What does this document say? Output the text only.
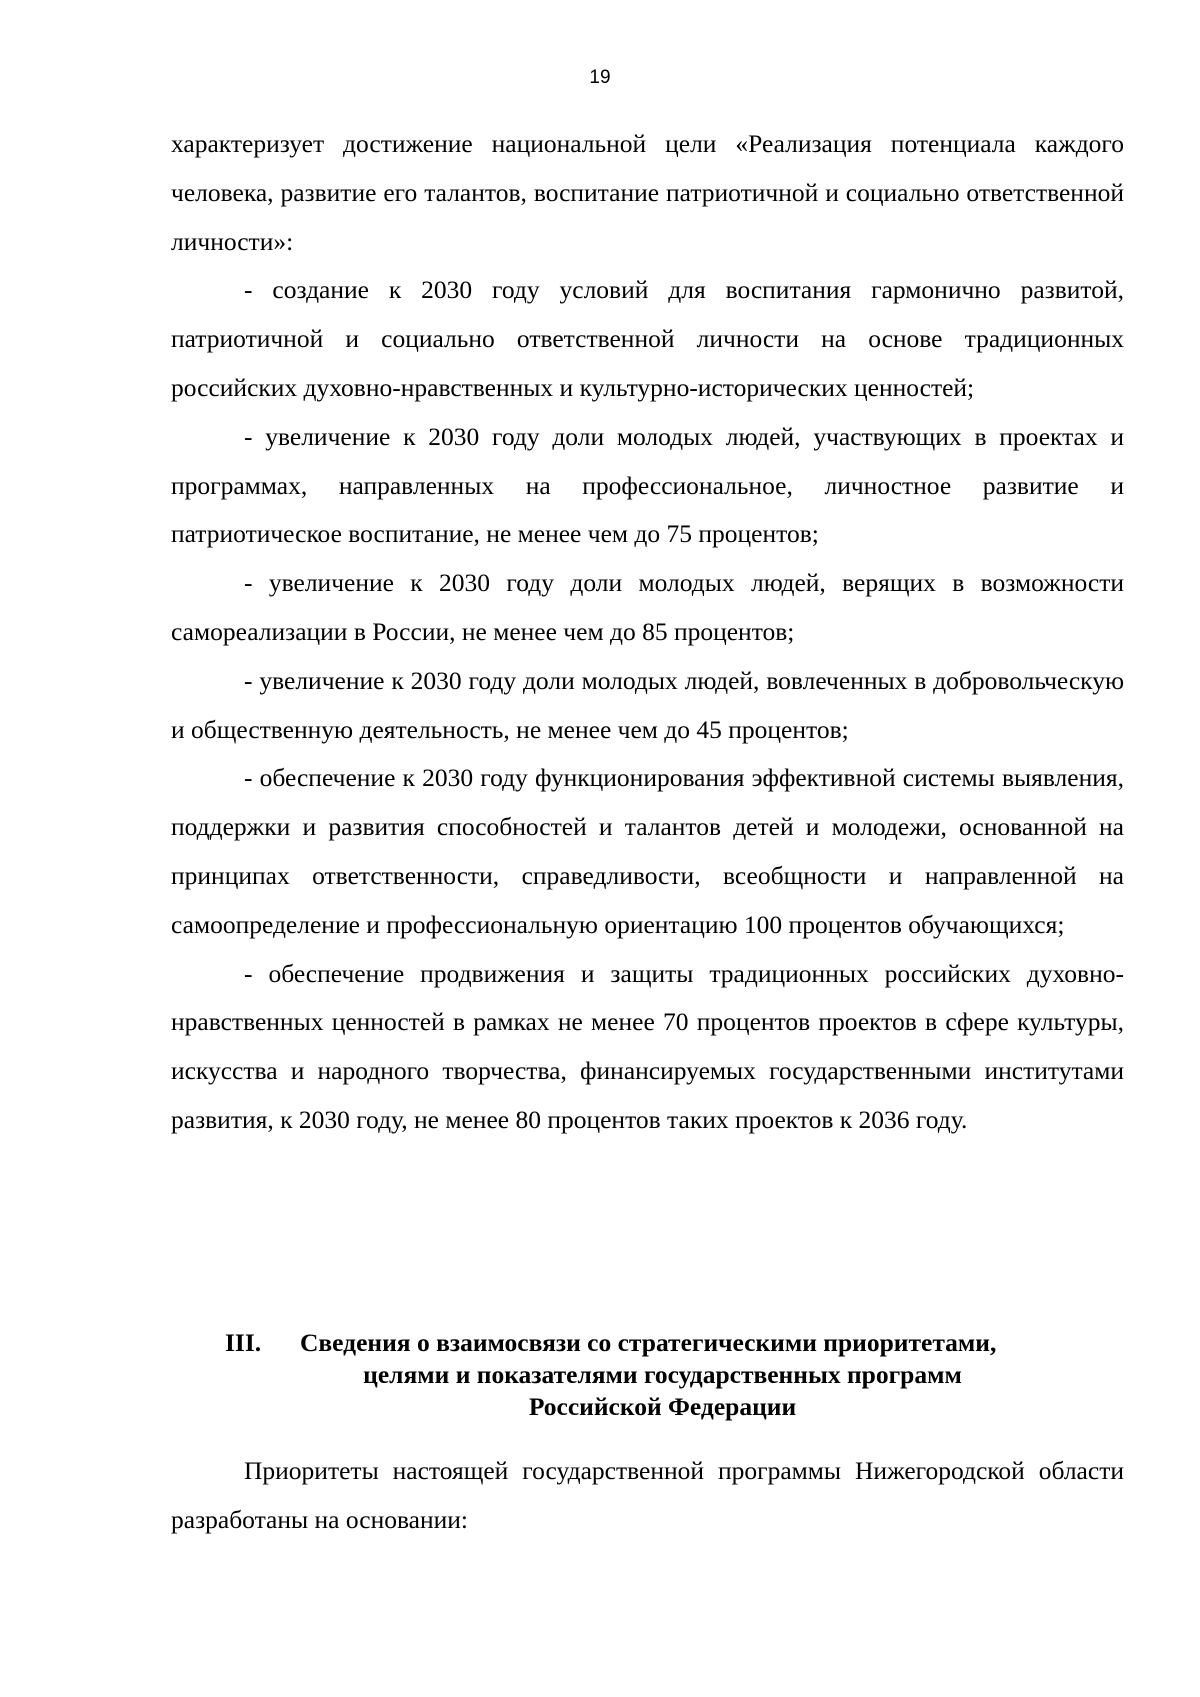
19

характеризует достижение национальной цели «Реализация потенциала каждого человека, развитие его талантов, воспитание патриотичной и социально ответственной личности»:

- создание к 2030 году условий для воспитания гармонично развитой, патриотичной и социально ответственной личности на основе традиционных российских духовно-нравственных и культурно-исторических ценностей;

- увеличение к 2030 году доли молодых людей, участвующих в проектах и программах, направленных на профессиональное, личностное развитие и патриотическое воспитание, не менее чем до 75 процентов;

- увеличение к 2030 году доли молодых людей, верящих в возможности самореализации в России, не менее чем до 85 процентов;

- увеличение к 2030 году доли молодых людей, вовлеченных в добровольческую и общественную деятельность, не менее чем до 45 процентов;

- обеспечение к 2030 году функционирования эффективной системы выявления, поддержки и развития способностей и талантов детей и молодежи, основанной на принципах ответственности, справедливости, всеобщности и направленной на самоопределение и профессиональную ориентацию 100 процентов обучающихся;

- обеспечение продвижения и защиты традиционных российских духовно-нравственных ценностей в рамках не менее 70 процентов проектов в сфере культуры, искусства и народного творчества, финансируемых государственными институтами развития, к 2030 году, не менее 80 процентов таких проектов к 2036 году.

III. Сведения о взаимосвязи со стратегическими приоритетами,
целями и показателями государственных программ
Российской Федерации

Приоритеты настоящей государственной программы Нижегородской области разработаны на основании:
